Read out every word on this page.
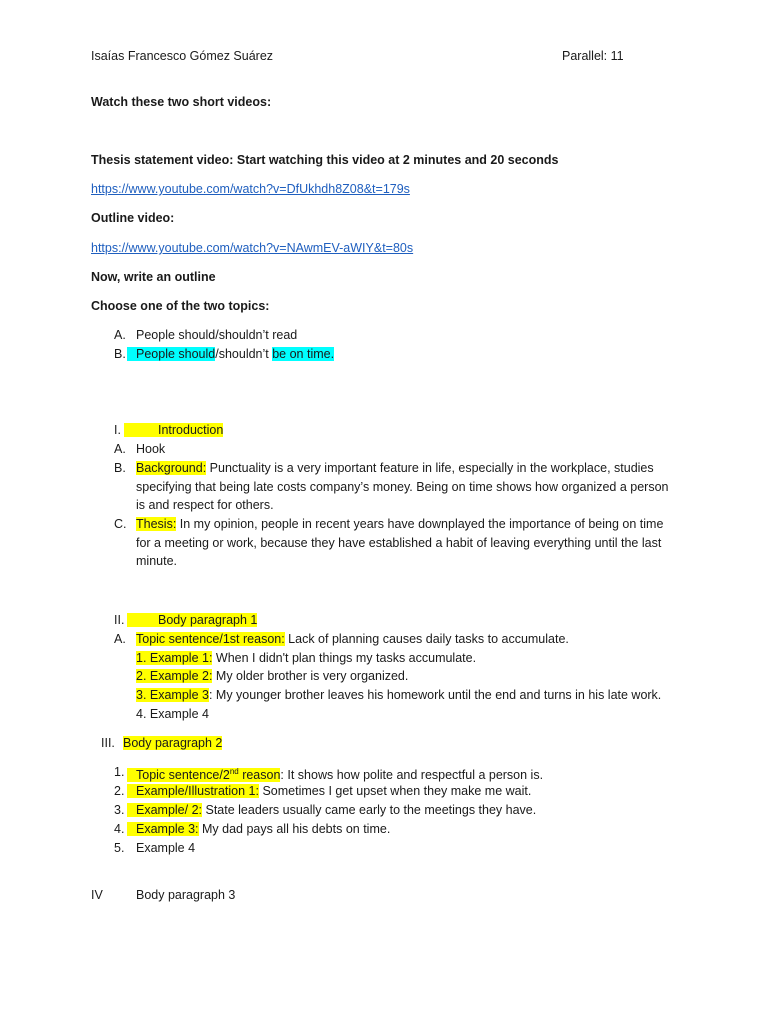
Isaías Francesco Gómez Suárez	Parallel: 11
Watch these two short videos:
Thesis statement video: Start watching this video at 2 minutes and 20 seconds
https://www.youtube.com/watch?v=DfUkhdh8Z08&t=179s
Outline video:
https://www.youtube.com/watch?v=NAwmEV-aWIY&t=80s
Now, write an outline
Choose one of the two topics:
A. People should/shouldn’t read
B. People should/shouldn’t be on time.
I.	Introduction
A. Hook
B. Background: Punctuality is a very important feature in life, especially in the workplace, studies specifying that being late costs company’s money. Being on time shows how organized a person is and respect for others.
C. Thesis: In my opinion, people in recent years have downplayed the importance of being on time for a meeting or work, because they have established a habit of leaving everything until the last minute.
II.	Body paragraph 1
A. Topic sentence/1st reason: Lack of planning causes daily tasks to accumulate.
1. Example 1: When I didn't plan things my tasks accumulate.
2. Example 2: My older brother is very organized.
3. Example 3: My younger brother leaves his homework until the end and turns in his late work.
4. Example 4
III. Body paragraph 2
1. Topic sentence/2nd reason: It shows how polite and respectful a person is.
2. Example/Illustration 1: Sometimes I get upset when they make me wait.
3. Example/ 2: State leaders usually came early to the meetings they have.
4. Example 3: My dad pays all his debts on time.
5. Example 4
IV	Body paragraph 3
